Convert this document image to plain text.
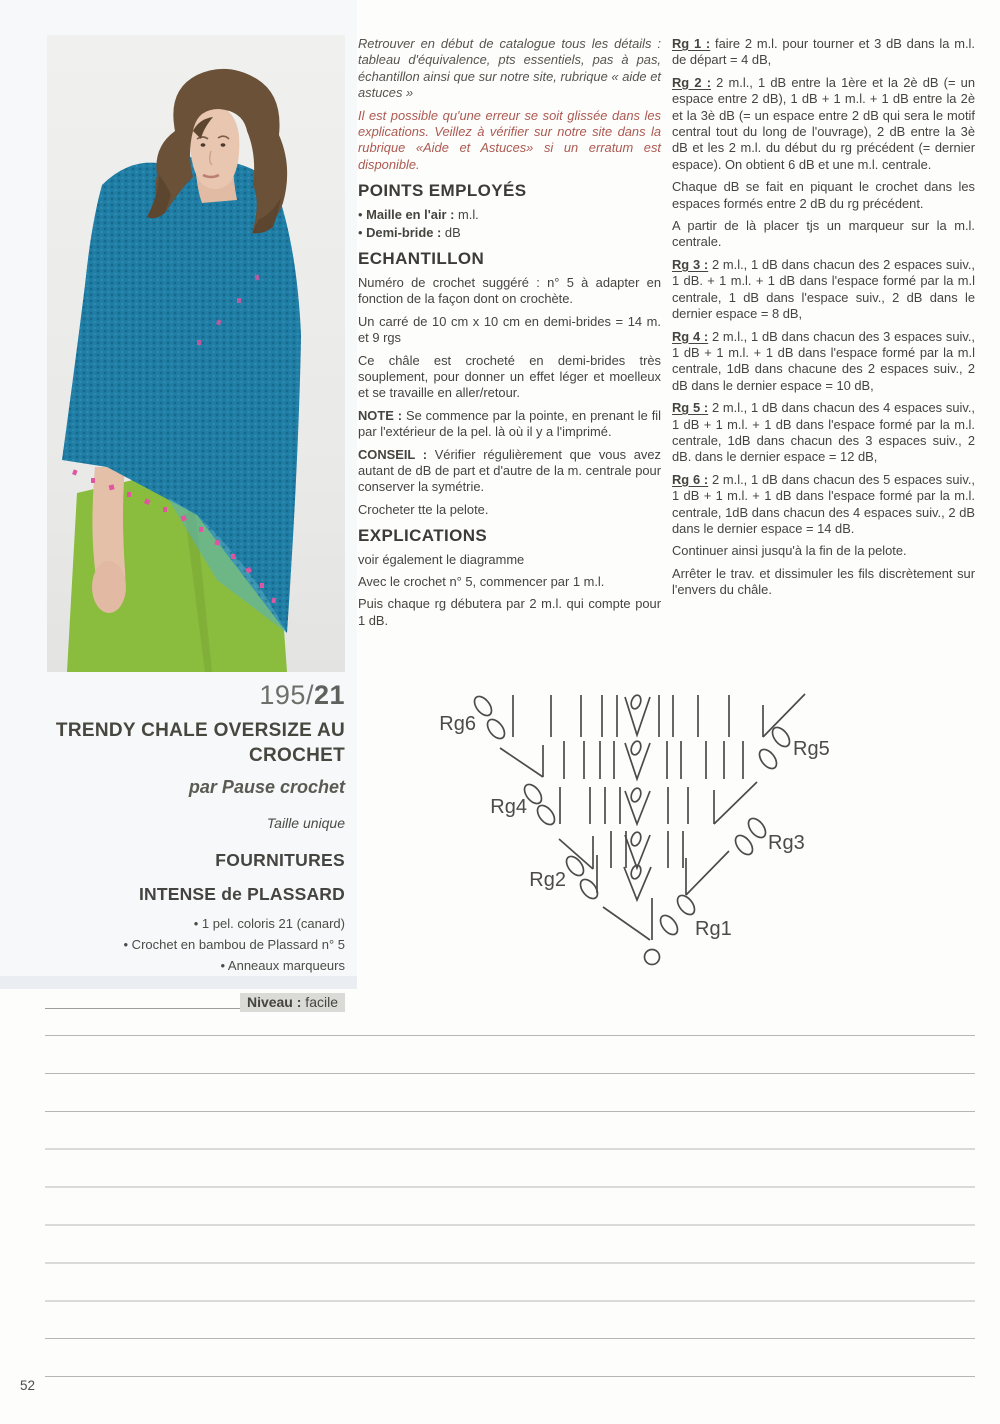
195/21
TRENDY CHALE OVERSIZE AU CROCHET
par Pause crochet
Taille unique
FOURNITURES
INTENSE de PLASSARD
• 1 pel. coloris 21 (canard)
• Crochet en bambou de Plassard n° 5
• Anneaux marqueurs
Niveau : facile

Retrouver en début de catalogue tous les détails : tableau d'équivalence, pts essentiels, pas à pas, échantillon ainsi que sur notre site, rubrique « aide et astuces »

Il est possible qu'une erreur se soit glissée dans les explications. Veillez à vérifier sur notre site dans la rubrique «Aide et Astuces» si un erratum est disponible.

POINTS EMPLOYÉS

• Maille en l'air : m.l.

• Demi-bride : dB

ECHANTILLON

Numéro de crochet suggéré : n° 5 à adapter en fonction de la façon dont on crochète.

Un carré de 10 cm x 10 cm en demi-brides = 14 m. et 9 rgs

Ce châle est crocheté en demi-brides très souplement, pour donner un effet léger et moelleux et se travaille en aller/retour.

NOTE : Se commence par la pointe, en prenant le fil par l'extérieur de la pel. là où il y a l'imprimé.

CONSEIL : Vérifier régulièrement que vous avez autant de dB de part et d'autre de la m. centrale pour conserver la symétrie.

Crocheter tte la pelote.

EXPLICATIONS

voir également le diagramme

Avec le crochet n° 5, commencer par 1 m.l.

Puis chaque rg débutera par 2 m.l. qui compte pour 1 dB.

Rg 1 : faire 2 m.l. pour tourner et 3 dB dans la m.l. de départ = 4 dB,

Rg 2 : 2 m.l., 1 dB entre la 1ère et la 2è dB (= un espace entre 2 dB), 1 dB + 1 m.l. + 1 dB entre la 2è et la 3è dB (= un espace entre 2 dB qui sera le motif central tout du long de l'ouvrage), 2 dB entre la 3è dB et les 2 m.l. du début du rg précédent (= dernier espace). On obtient 6 dB et une m.l. centrale.

Chaque dB se fait en piquant le crochet dans les espaces formés entre 2 dB du rg précédent.

A partir de là placer tjs un marqueur sur la m.l. centrale.

Rg 3 : 2 m.l., 1 dB dans chacun des 2 espaces suiv., 1 dB. + 1 m.l. + 1 dB dans l'espace formé par la m.l centrale, 1 dB dans l'espace suiv., 2 dB dans le dernier espace = 8 dB,

Rg 4 : 2 m.l., 1 dB dans chacun des 3 espaces suiv., 1 dB + 1 m.l. + 1 dB dans l'espace formé par la m.l centrale, 1dB dans chacune des 2 espaces suiv., 2 dB dans le dernier espace = 10 dB,

Rg 5 : 2 m.l., 1 dB dans chacun des 4 espaces suiv., 1 dB + 1 m.l. + 1 dB dans l'espace formé par la m.l. centrale, 1dB dans chacun des 3 espaces suiv., 2 dB. dans le dernier espace = 12 dB,

Rg 6 : 2 m.l., 1 dB dans chacun des 5 espaces suiv., 1 dB + 1 m.l. + 1 dB dans l'espace formé par la m.l. centrale, 1dB dans chacun des 4 espaces suiv., 2 dB dans le dernier espace = 14 dB.

Continuer ainsi jusqu'à la fin de la pelote.

Arrêter le trav. et dissimuler les fils discrètement sur l'envers du châle.

Rg6
Rg5
Rg4
Rg3
Rg2
Rg1
52
